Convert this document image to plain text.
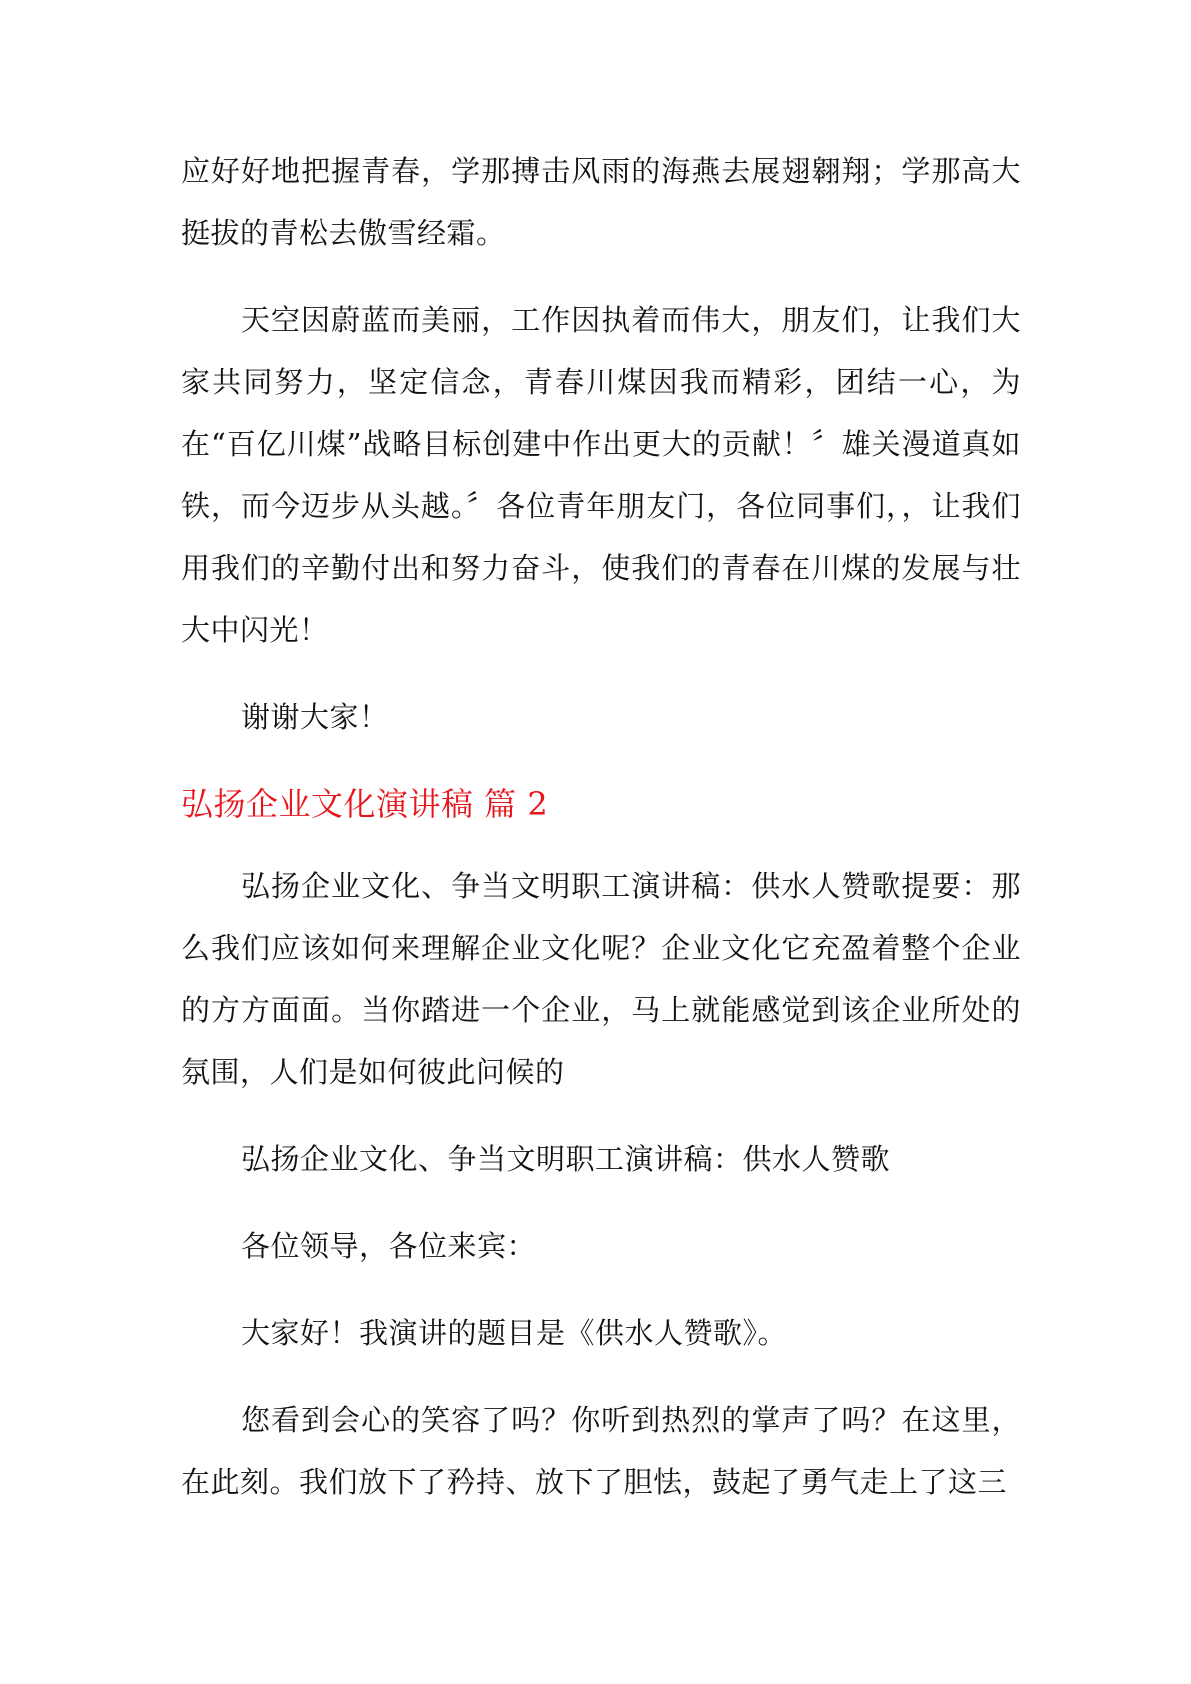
应好好地把握青春，学那搏击风雨的海燕去展翅翱翔；学那高大挺拔的青松去傲雪经霜。

天空因蔚蓝而美丽，工作因执着而伟大，朋友们，让我们大家共同努力，坚定信念，青春川煤因我而精彩，团结一心，为在“百亿川煤”战略目标创建中作出更大的贡献！〞雄关漫道真如铁，而今迈步从头越。〞各位青年朋友门，各位同事们，，让我们用我们的辛勤付出和努力奋斗，使我们的青春在川煤的发展与壮大中闪光！

谢谢大家！

弘扬企业文化演讲稿 篇 2

弘扬企业文化、争当文明职工演讲稿：供水人赞歌提要：那么我们应该如何来理解企业文化呢？企业文化它充盈着整个企业的方方面面。当你踏进一个企业，马上就能感觉到该企业所处的氛围，人们是如何彼此问候的

弘扬企业文化、争当文明职工演讲稿：供水人赞歌

各位领导，各位来宾：

大家好！我演讲的题目是《供水人赞歌》。

您看到会心的笑容了吗？你听到热烈的掌声了吗？在这里，在此刻。我们放下了矜持、放下了胆怯，鼓起了勇气走上了这三
